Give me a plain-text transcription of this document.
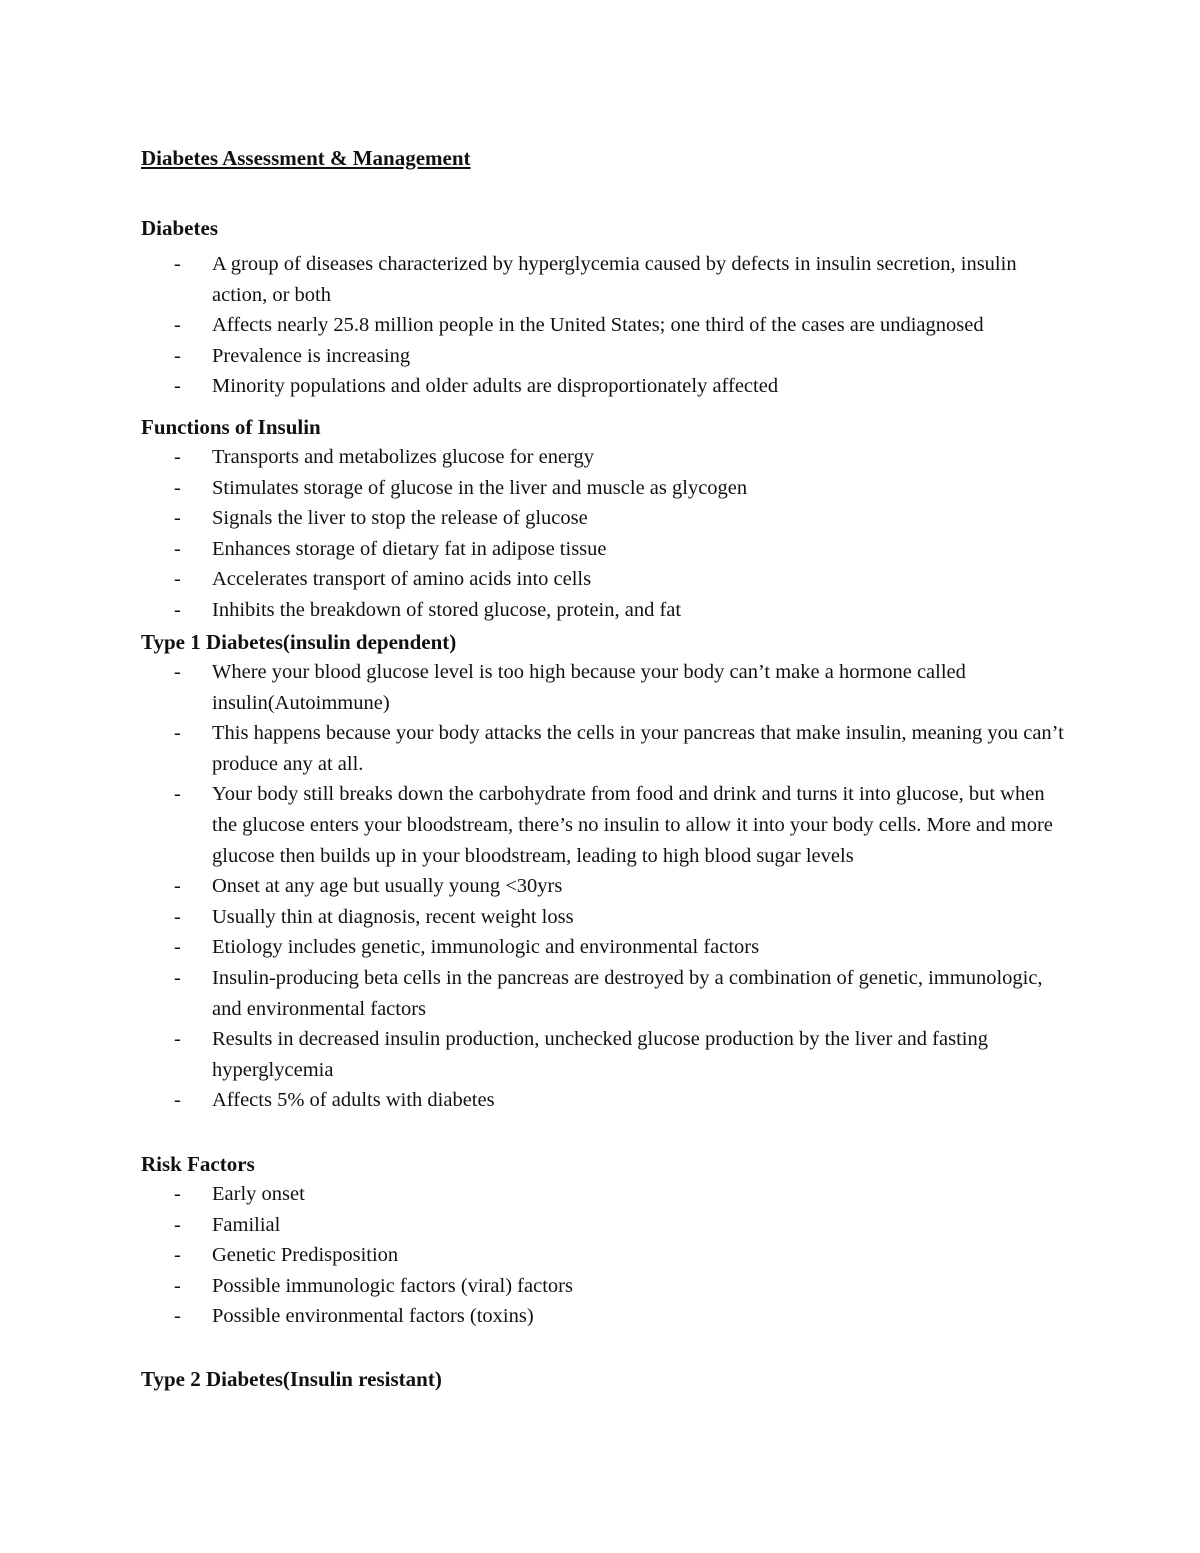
Diabetes Assessment & Management
Diabetes
- A group of diseases characterized by hyperglycemia caused by defects in insulin secretion, insulin action, or both
- Affects nearly 25.8 million people in the United States; one third of the cases are undiagnosed
- Prevalence is increasing
- Minority populations and older adults are disproportionately affected
Functions of Insulin
- Transports and metabolizes glucose for energy
- Stimulates storage of glucose in the liver and muscle as glycogen
- Signals the liver to stop the release of glucose
- Enhances storage of dietary fat in adipose tissue
- Accelerates transport of amino acids into cells
- Inhibits the breakdown of stored glucose, protein, and fat
Type 1 Diabetes(insulin dependent)
- Where your blood glucose level is too high because your body can’t make a hormone called insulin(Autoimmune)
- This happens because your body attacks the cells in your pancreas that make insulin, meaning you can’t produce any at all.
- Your body still breaks down the carbohydrate from food and drink and turns it into glucose, but when the glucose enters your bloodstream, there’s no insulin to allow it into your body cells. More and more glucose then builds up in your bloodstream, leading to high blood sugar levels
- Onset at any age but usually young <30yrs
- Usually thin at diagnosis, recent weight loss
- Etiology includes genetic, immunologic and environmental factors
- Insulin-producing beta cells in the pancreas are destroyed by a combination of genetic, immunologic, and environmental factors
- Results in decreased insulin production, unchecked glucose production by the liver and fasting hyperglycemia
- Affects 5% of adults with diabetes
Risk Factors
- Early onset
- Familial
- Genetic Predisposition
- Possible immunologic factors (viral) factors
- Possible environmental factors (toxins)
Type 2 Diabetes(Insulin resistant)
